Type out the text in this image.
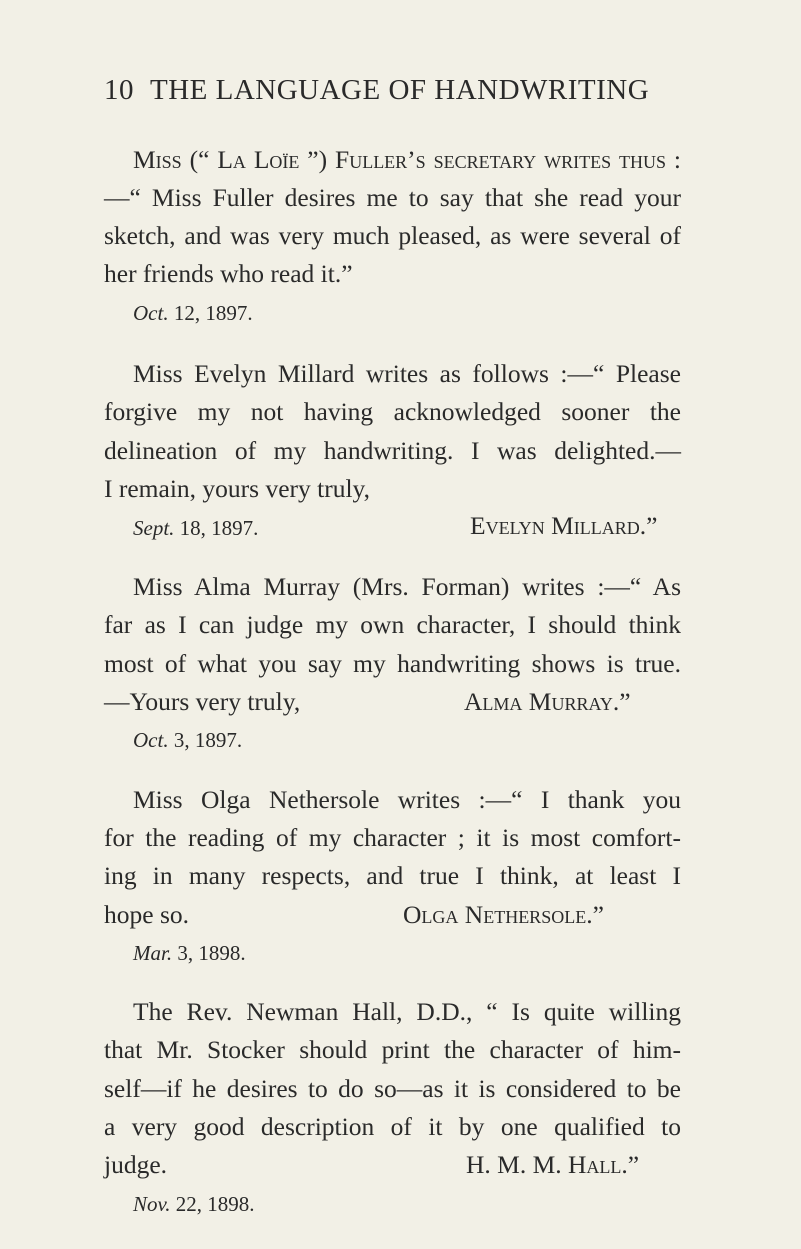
10 THE LANGUAGE OF HANDWRITING
Miss (“ La Loïe ”) Fuller’s secretary writes thus :
—“ Miss Fuller desires me to say that she read your
sketch, and was very much pleased, as were several of
her friends who read it.”
Oct. 12, 1897.
Miss Evelyn Millard writes as follows :—“ Please
forgive my not having acknowledged sooner the
delineation of my handwriting. I was delighted.—
I remain, yours very truly,
Sept. 18, 1897.	Evelyn Millard.”
Miss Alma Murray (Mrs. Forman) writes :—“ As
far as I can judge my own character, I should think
most of what you say my handwriting shows is true.
—Yours very truly,	Alma Murray.”
Oct. 3, 1897.
Miss Olga Nethersole writes :—“ I thank you
for the reading of my character ; it is most comfort-
ing in many respects, and true I think, at least I
hope so.	Olga Nethersole.”
Mar. 3, 1898.
The Rev. Newman Hall, D.D., “ Is quite willing
that Mr. Stocker should print the character of him-
self—if he desires to do so—as it is considered to be
a very good description of it by one qualified to
judge.	H. M. M. Hall.”
Nov. 22, 1898.
